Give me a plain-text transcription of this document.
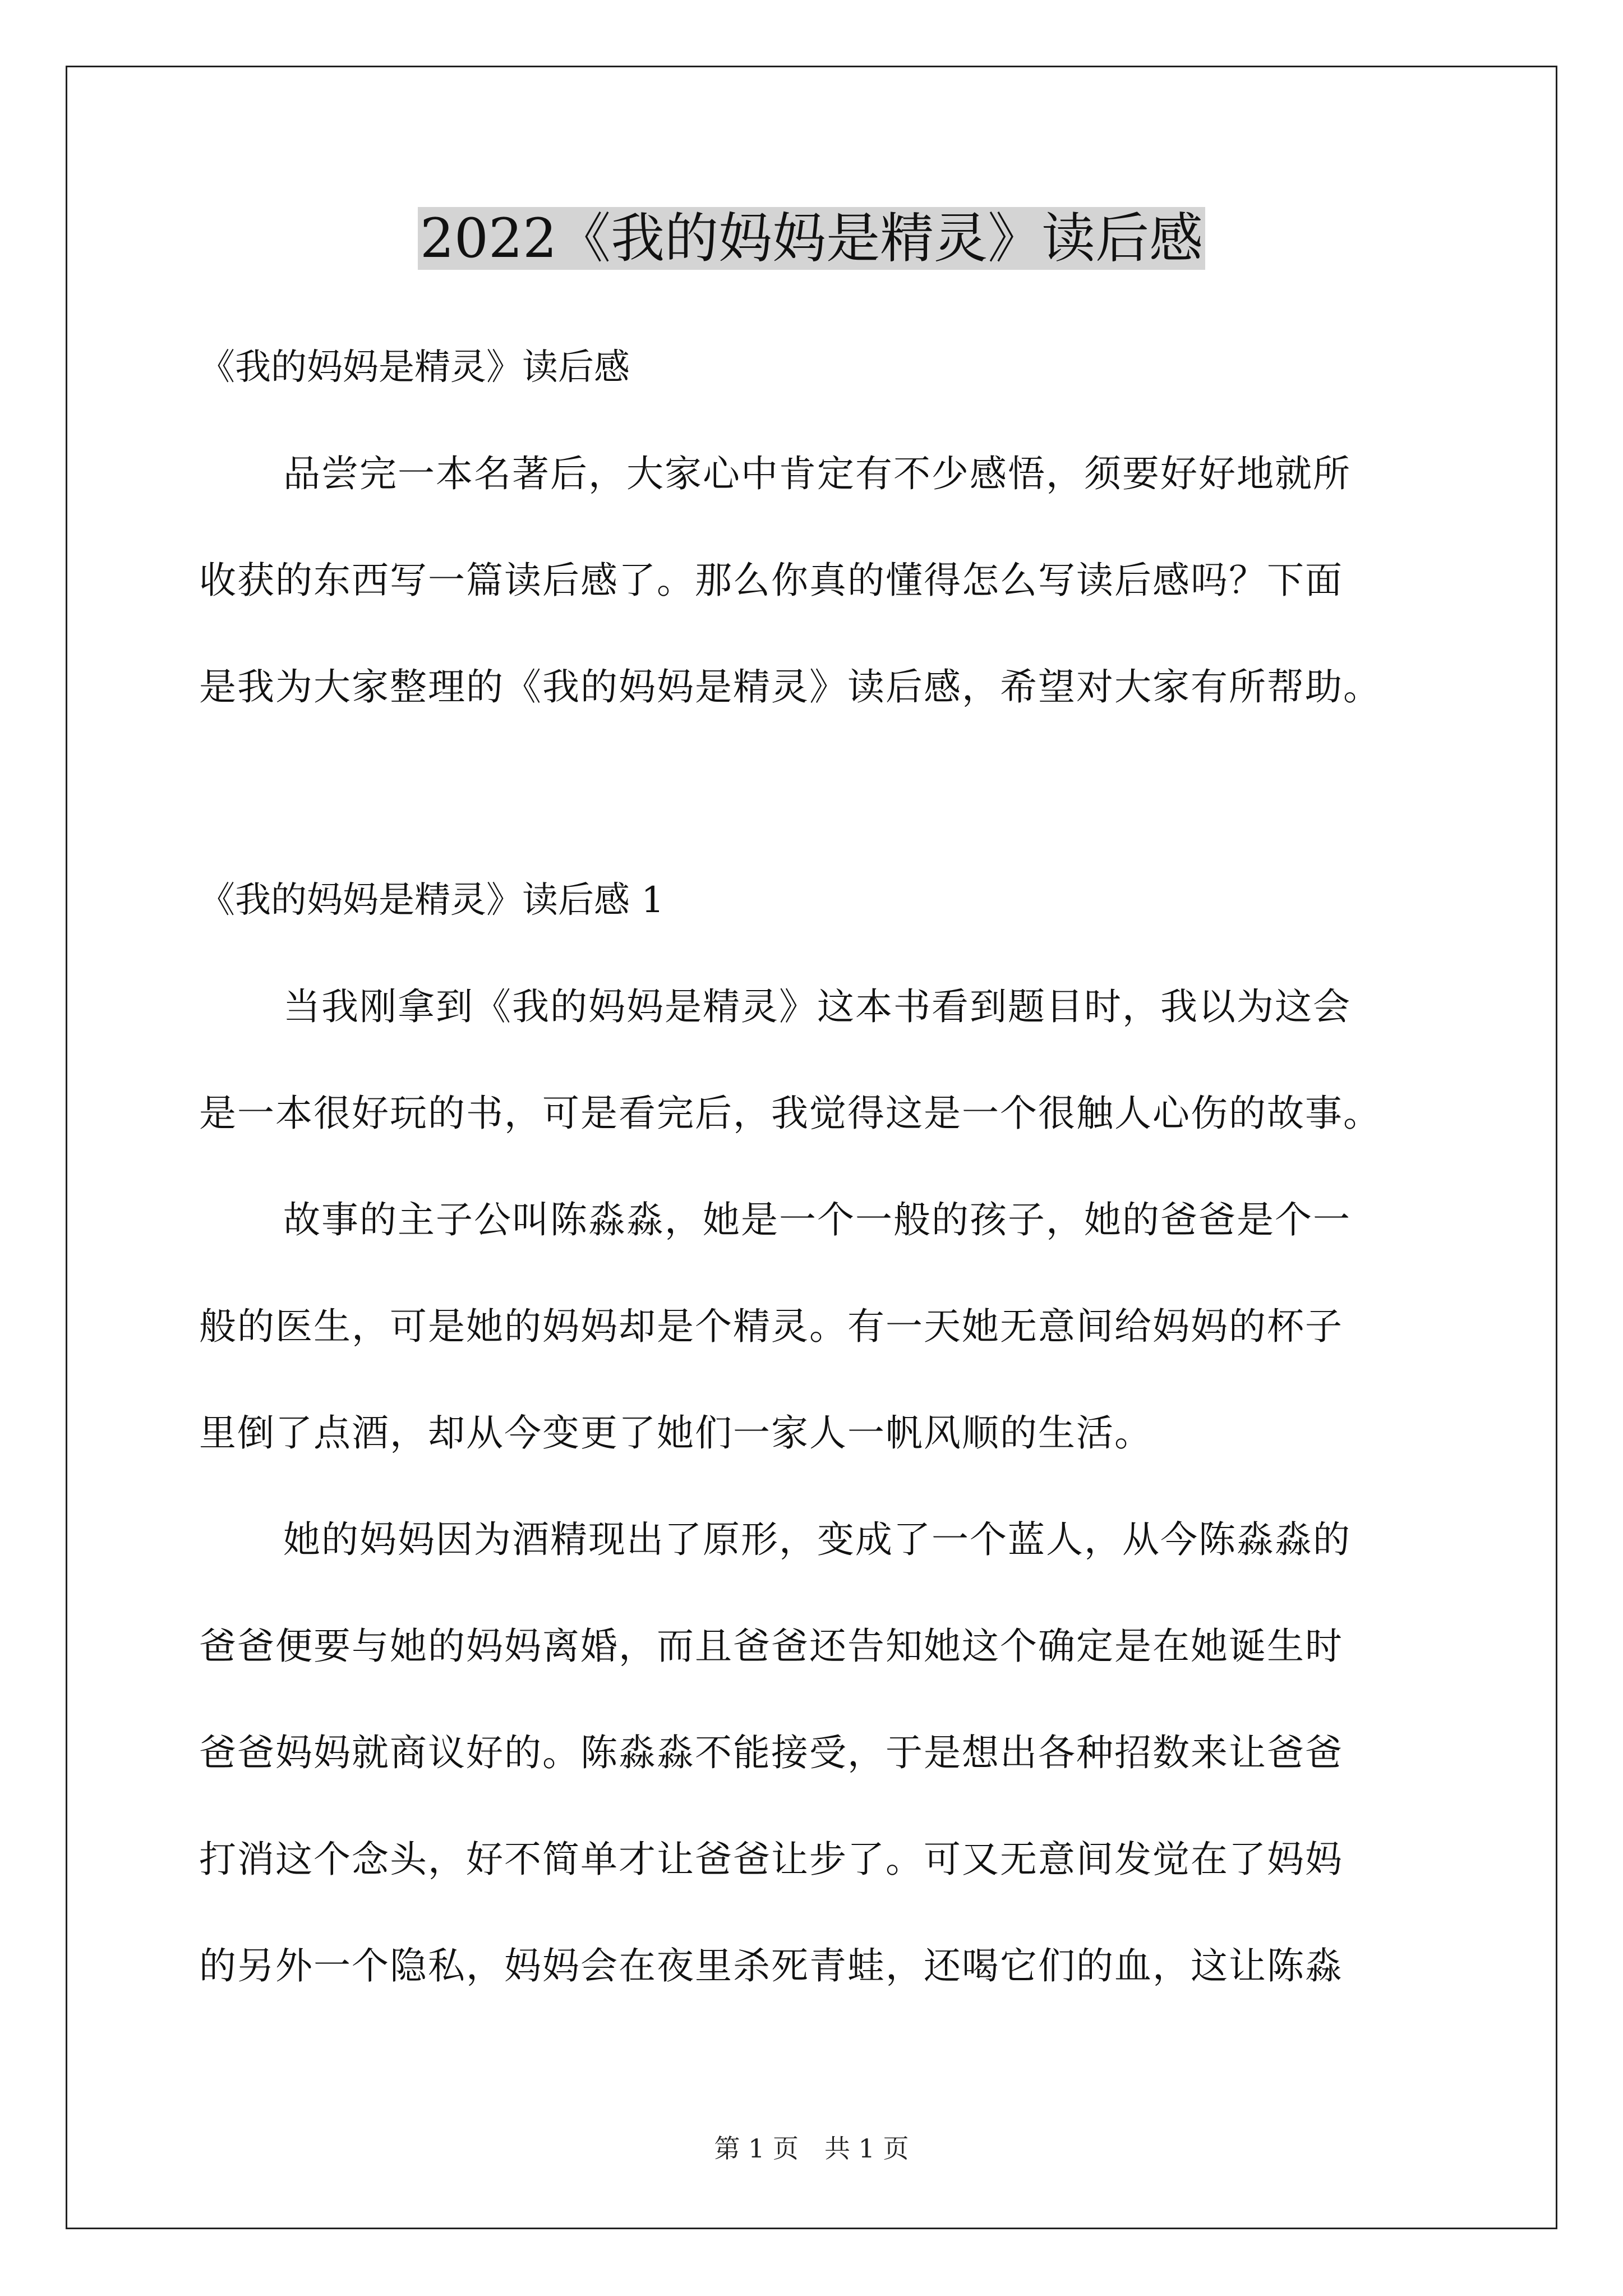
2022《我的妈妈是精灵》读后感

《我的妈妈是精灵》读后感

品尝完一本名著后，大家心中肯定有不少感悟，须要好好地就所

收获的东西写一篇读后感了。那么你真的懂得怎么写读后感吗？下面

是我为大家整理的《我的妈妈是精灵》读后感，希望对大家有所帮助。

《我的妈妈是精灵》读后感 1

当我刚拿到《我的妈妈是精灵》这本书看到题目时，我以为这会

是一本很好玩的书，可是看完后，我觉得这是一个很触人心伤的故事。

故事的主子公叫陈淼淼，她是一个一般的孩子，她的爸爸是个一

般的医生，可是她的妈妈却是个精灵。有一天她无意间给妈妈的杯子

里倒了点酒，却从今变更了她们一家人一帆风顺的生活。

她的妈妈因为酒精现出了原形，变成了一个蓝人，从今陈淼淼的

爸爸便要与她的妈妈离婚，而且爸爸还告知她这个确定是在她诞生时

爸爸妈妈就商议好的。陈淼淼不能接受，于是想出各种招数来让爸爸

打消这个念头，好不简单才让爸爸让步了。可又无意间发觉在了妈妈

的另外一个隐私，妈妈会在夜里杀死青蛙，还喝它们的血，这让陈淼

第 1 页　共 1 页
